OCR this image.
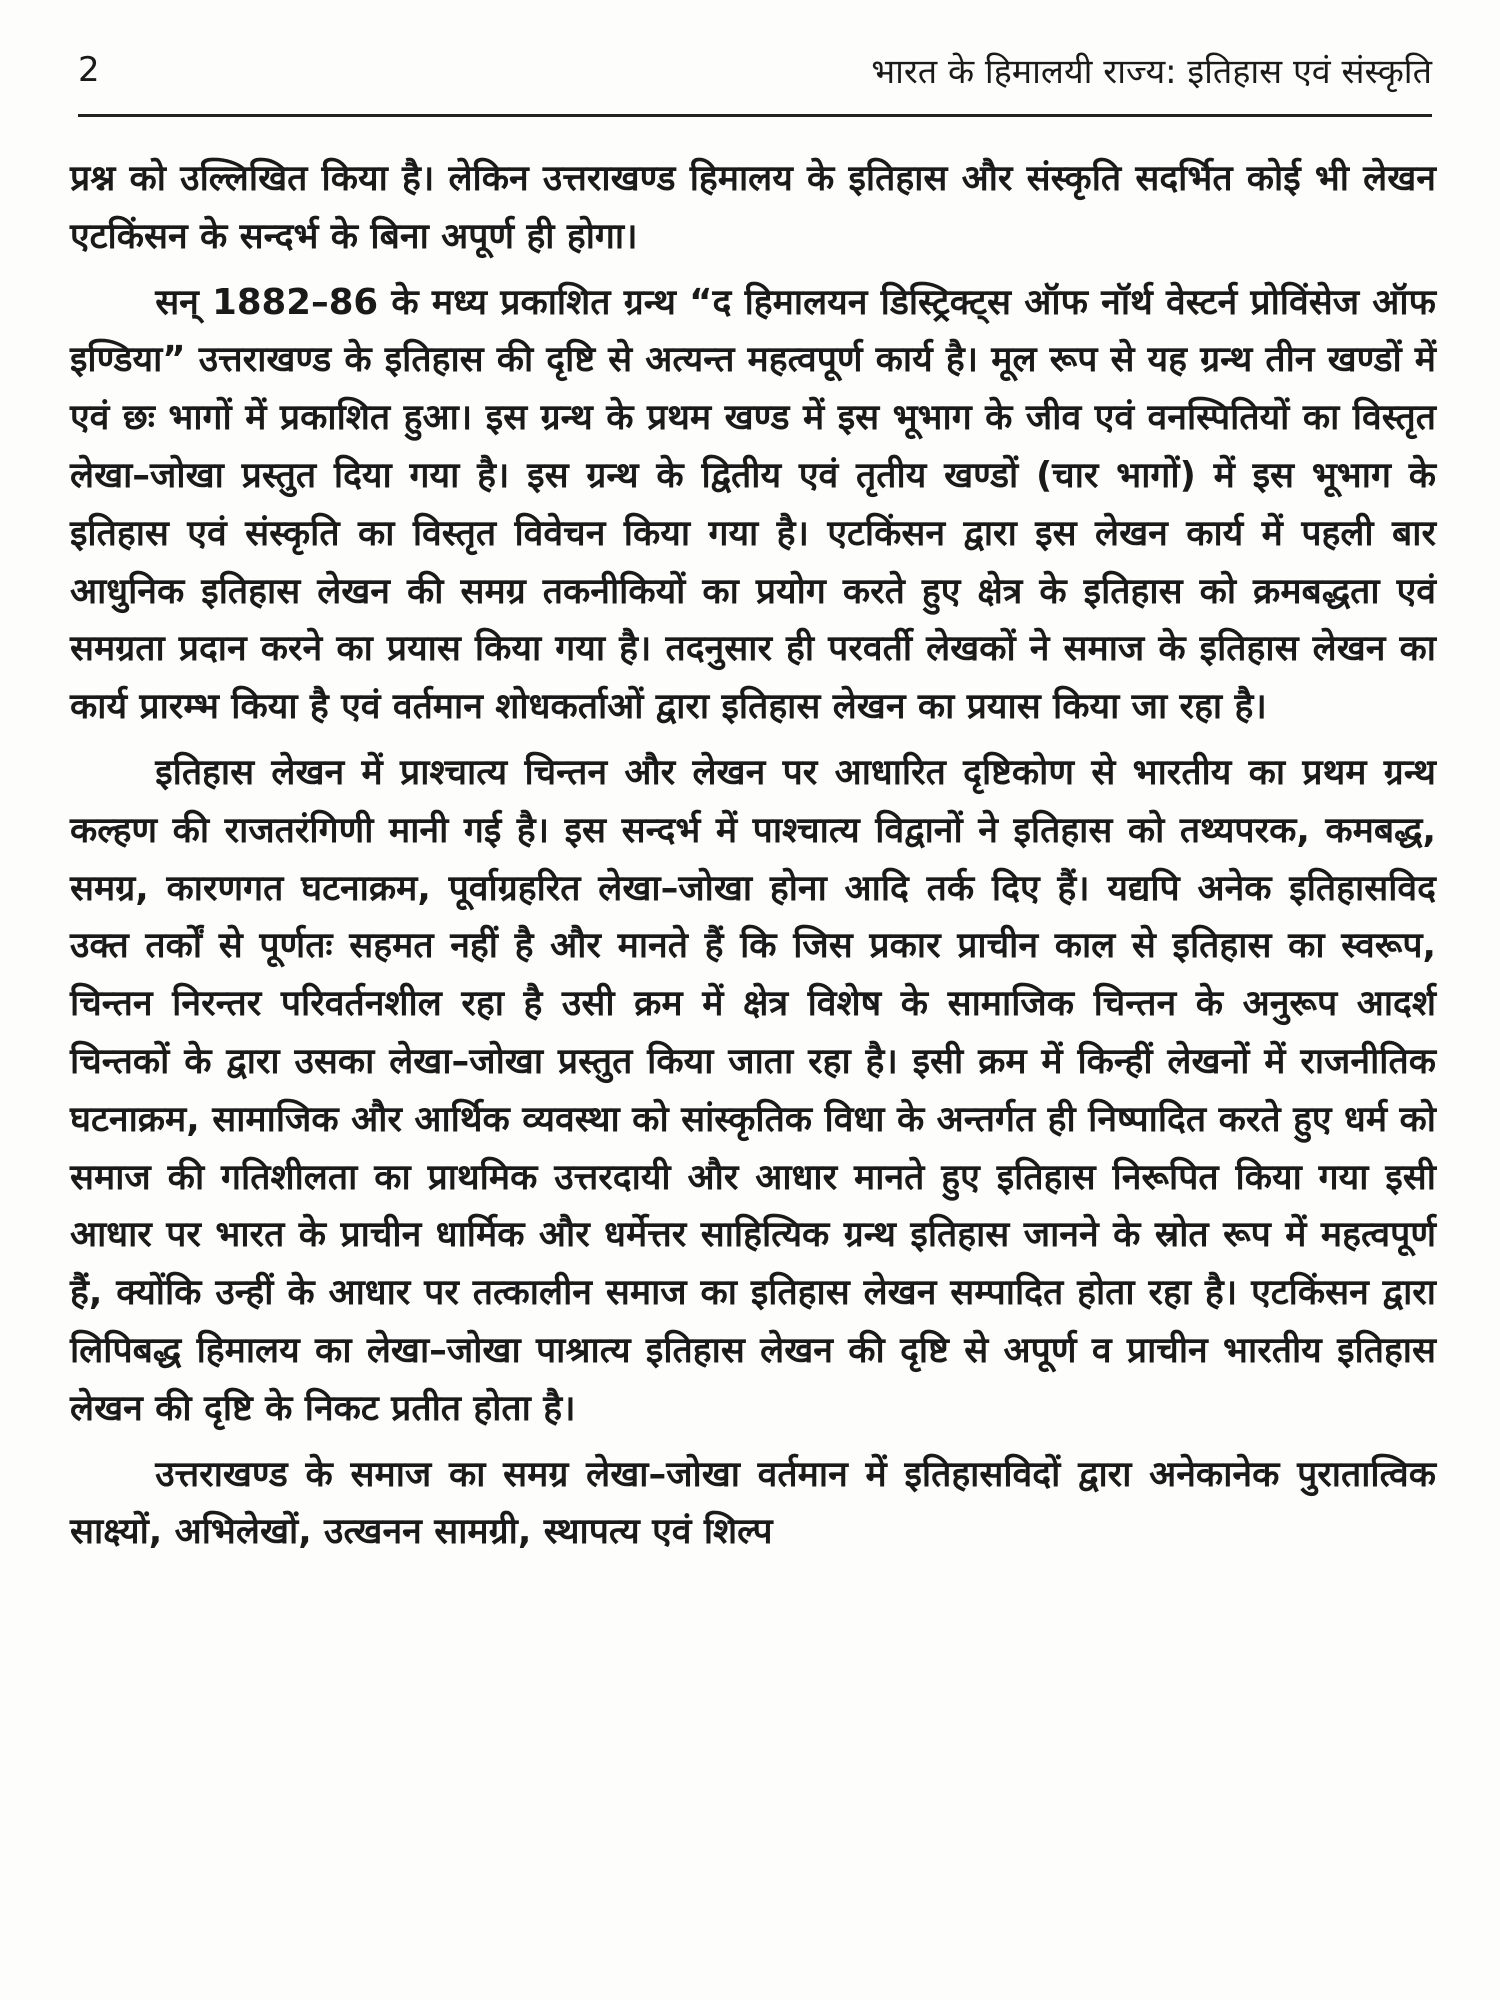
2	भारत के हिमालयी राज्य: इतिहास एवं संस्कृति

प्रश्न को उल्लिखित किया है। लेकिन उत्तराखण्ड हिमालय के इतिहास और संस्कृति सदर्भित कोई भी लेखन एटकिंसन के सन्दर्भ के बिना अपूर्ण ही होगा।

सन् 1882–86 के मध्य प्रकाशित ग्रन्थ “द हिमालयन डिस्ट्रिक्ट्स ऑफ नॉर्थ वेस्टर्न प्रोविंसेज ऑफ इण्डिया” उत्तराखण्ड के इतिहास की दृष्टि से अत्यन्त महत्वपूर्ण कार्य है। मूल रूप से यह ग्रन्थ तीन खण्डों में एवं छः भागों में प्रकाशित हुआ। इस ग्रन्थ के प्रथम खण्ड में इस भूभाग के जीव एवं वनस्पितियों का विस्तृत लेखा–जोखा प्रस्तुत दिया गया है। इस ग्रन्थ के द्वितीय एवं तृतीय खण्डों (चार भागों) में इस भूभाग के इतिहास एवं संस्कृति का विस्तृत विवेचन किया गया है। एटकिंसन द्वारा इस लेखन कार्य में पहली बार आधुनिक इतिहास लेखन की समग्र तकनीकियों का प्रयोग करते हुए क्षेत्र के इतिहास को क्रमबद्धता एवं समग्रता प्रदान करने का प्रयास किया गया है। तदनुसार ही परवर्ती लेखकों ने समाज के इतिहास लेखन का कार्य प्रारम्भ किया है एवं वर्तमान शोधकर्ताओं द्वारा इतिहास लेखन का प्रयास किया जा रहा है।

इतिहास लेखन में प्राश्चात्य चिन्तन और लेखन पर आधारित दृष्टिकोण से भारतीय का प्रथम ग्रन्थ कल्हण की राजतरंगिणी मानी गई है। इस सन्दर्भ में पाश्चात्य विद्वानों ने इतिहास को तथ्यपरक, कमबद्ध, समग्र, कारणगत घटनाक्रम, पूर्वाग्रहरित लेखा–जोखा होना आदि तर्क दिए हैं। यद्यपि अनेक इतिहासविद उक्त तर्कों से पूर्णतः सहमत नहीं है और मानते हैं कि जिस प्रकार प्राचीन काल से इतिहास का स्वरूप, चिन्तन निरन्तर परिवर्तनशील रहा है उसी क्रम में क्षेत्र विशेष के सामाजिक चिन्तन के अनुरूप आदर्श चिन्तकों के द्वारा उसका लेखा–जोखा प्रस्तुत किया जाता रहा है। इसी क्रम में किन्हीं लेखनों में राजनीतिक घटनाक्रम, सामाजिक और आर्थिक व्यवस्था को सांस्कृतिक विधा के अन्तर्गत ही निष्पादित करते हुए धर्म को समाज की गतिशीलता का प्राथमिक उत्तरदायी और आधार मानते हुए इतिहास निरूपित किया गया इसी आधार पर भारत के प्राचीन धार्मिक और धर्मेत्तर साहित्यिक ग्रन्थ इतिहास जानने के स्रोत रूप में महत्वपूर्ण हैं, क्योंकि उन्हीं के आधार पर तत्कालीन समाज का इतिहास लेखन सम्पादित होता रहा है। एटकिंसन द्वारा लिपिबद्ध हिमालय का लेखा–जोखा पाश्रात्य इतिहास लेखन की दृष्टि से अपूर्ण व प्राचीन भारतीय इतिहास लेखन की दृष्टि के निकट प्रतीत होता है।

उत्तराखण्ड के समाज का समग्र लेखा–जोखा वर्तमान में इतिहासविदों द्वारा अनेकानेक पुरातात्विक साक्ष्यों, अभिलेखों, उत्खनन सामग्री, स्थापत्य एवं शिल्प
